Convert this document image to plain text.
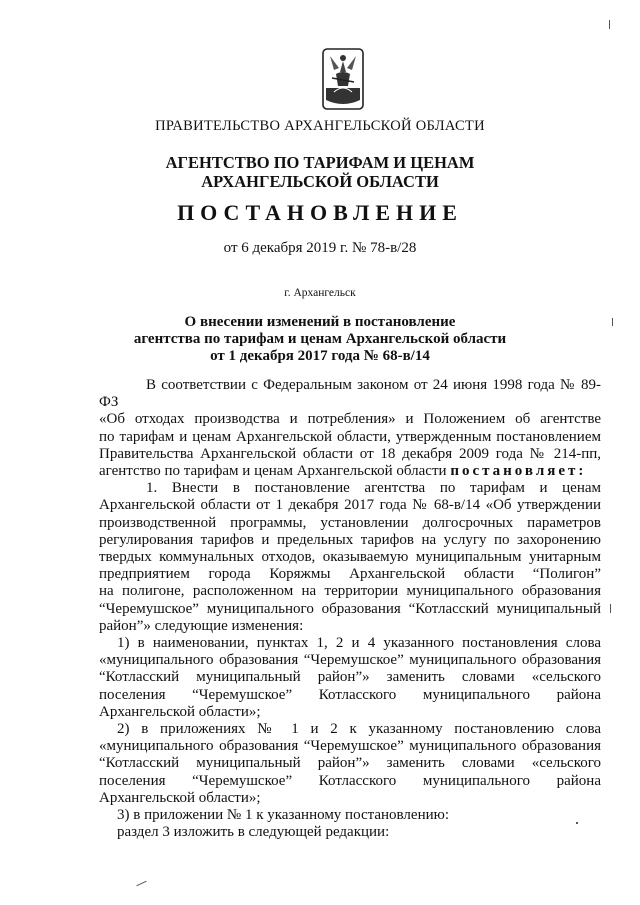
ПРАВИТЕЛЬСТВО АРХАНГЕЛЬСКОЙ ОБЛАСТИ
АГЕНТСТВО ПО ТАРИФАМ И ЦЕНАМ
АРХАНГЕЛЬСКОЙ ОБЛАСТИ
ПОСТАНОВЛЕНИЕ
от 6 декабря 2019 г. № 78-в/28
г. Архангельск
О внесении изменений в постановление
агентства по тарифам и ценам Архангельской области
от 1 декабря 2017 года № 68-в/14

В соответствии с Федеральным законом от 24 июня 1998 года № 89-ФЗ

«Об отходах производства и потребления» и Положением об агентстве

по тарифам и ценам Архангельской области, утвержденным постановлением

Правительства Архангельской области от 18 декабря 2009 года № 214-пп,

агентство по тарифам и ценам Архангельской области постановляет:

1. Внести в постановление агентства по тарифам и ценам

Архангельской области от 1 декабря 2017 года № 68-в/14 «Об утверждении

производственной программы, установлении долгосрочных параметров

регулирования тарифов и предельных тарифов на услугу по захоронению

твердых коммунальных отходов, оказываемую муниципальным унитарным

предприятием города Коряжмы Архангельской области “Полигон”

на полигоне, расположенном на территории муниципального образования

“Черемушское” муниципального образования “Котласский муниципальный

район”» следующие изменения:

1) в наименовании, пунктах 1, 2 и 4 указанного постановления слова

«муниципального образования “Черемушское” муниципального образования

“Котласский муниципальный район”» заменить словами «сельского

поселения “Черемушское” Котласского муниципального района

Архангельской области»;

2) в приложениях № 1 и 2 к указанному постановлению слова

«муниципального образования “Черемушское” муниципального образования

“Котласский муниципальный район”» заменить словами «сельского

поселения “Черемушское” Котласского муниципального района

Архангельской области»;

3) в приложении № 1 к указанному постановлению:

раздел 3 изложить в следующей редакции:
